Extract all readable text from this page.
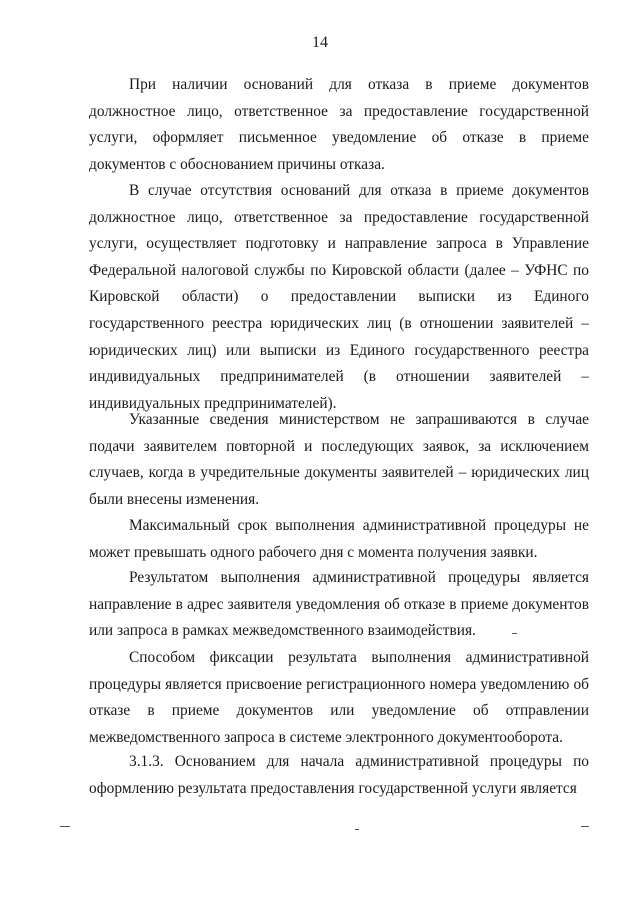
14

При наличии оснований для отказа в приеме документов должностное лицо, ответственное за предоставление государственной услуги, оформляет письменное уведомление об отказе в приеме документов с обоснованием причины отказа.

В случае отсутствия оснований для отказа в приеме документов должностное лицо, ответственное за предоставление государственной услуги, осуществляет подготовку и направление запроса в Управление Федеральной налоговой службы по Кировской области (далее – УФНС по Кировской области) о предоставлении выписки из Единого государственного реестра юридических лиц (в отношении заявителей – юридических лиц) или выписки из Единого государственного реестра индивидуальных предпринимателей (в отношении заявителей – индивидуальных предпринимателей).

Указанные сведения министерством не запрашиваются в случае подачи заявителем повторной и последующих заявок, за исключением случаев, когда в учредительные документы заявителей – юридических лиц были внесены изменения.

Максимальный срок выполнения административной процедуры не может превышать одного рабочего дня с момента получения заявки.

Результатом выполнения административной процедуры является направление в адрес заявителя уведомления об отказе в приеме документов или запроса в рамках межведомственного взаимодействия.

Способом фиксации результата выполнения административной процедуры является присвоение регистрационного номера уведомлению об отказе в приеме документов или уведомление об отправлении межведомственного запроса в системе электронного документооборота.

3.1.3. Основанием для начала административной процедуры по оформлению результата предоставления государственной услуги является
